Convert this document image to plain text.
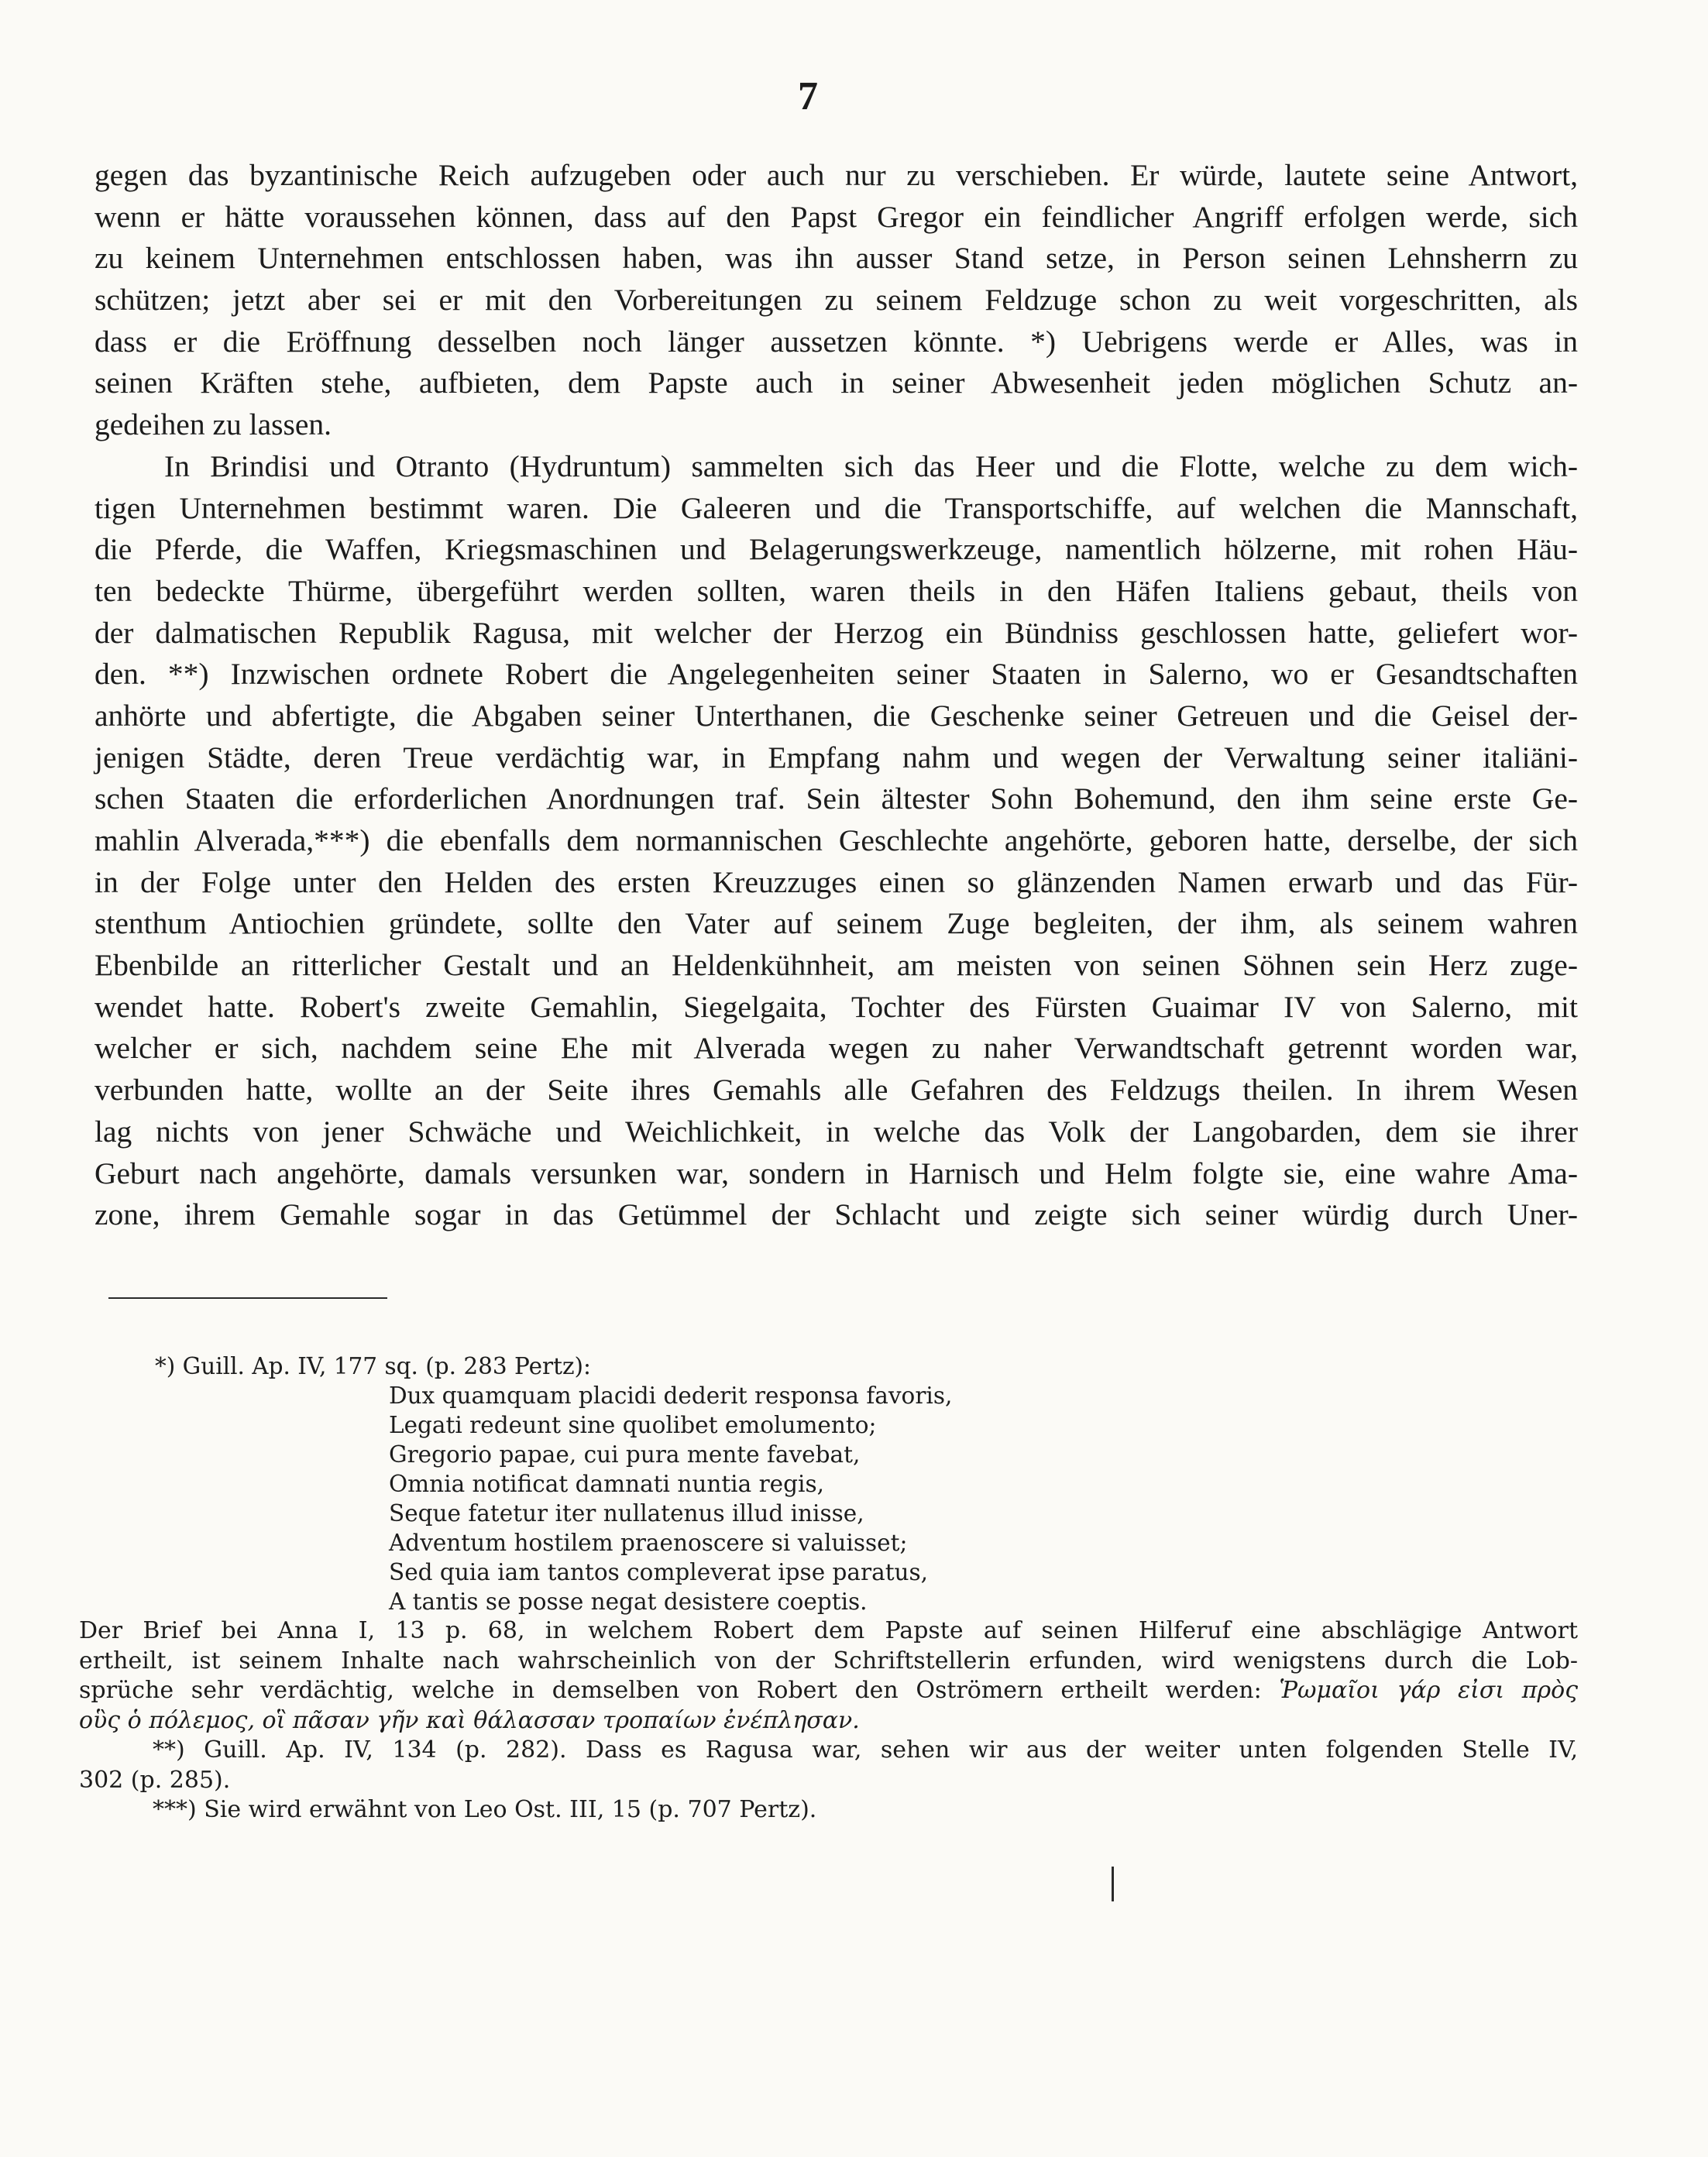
7
gegen das byzantinische Reich aufzugeben oder auch nur zu verschieben. Er würde, lautete seine Antwort,
wenn er hätte voraussehen können, dass auf den Papst Gregor ein feindlicher Angriff erfolgen werde, sich
zu keinem Unternehmen entschlossen haben, was ihn ausser Stand setze, in Person seinen Lehnsherrn zu
schützen; jetzt aber sei er mit den Vorbereitungen zu seinem Feldzuge schon zu weit vorgeschritten, als
dass er die Eröffnung desselben noch länger aussetzen könnte. *) Uebrigens werde er Alles, was in
seinen Kräften stehe, aufbieten, dem Papste auch in seiner Abwesenheit jeden möglichen Schutz an-
gedeihen zu lassen.
In Brindisi und Otranto (Hydruntum) sammelten sich das Heer und die Flotte, welche zu dem wich-
tigen Unternehmen bestimmt waren. Die Galeeren und die Transportschiffe, auf welchen die Mannschaft,
die Pferde, die Waffen, Kriegsmaschinen und Belagerungswerkzeuge, namentlich hölzerne, mit rohen Häu-
ten bedeckte Thürme, übergeführt werden sollten, waren theils in den Häfen Italiens gebaut, theils von
der dalmatischen Republik Ragusa, mit welcher der Herzog ein Bündniss geschlossen hatte, geliefert wor-
den. **) Inzwischen ordnete Robert die Angelegenheiten seiner Staaten in Salerno, wo er Gesandtschaften
anhörte und abfertigte, die Abgaben seiner Unterthanen, die Geschenke seiner Getreuen und die Geisel der-
jenigen Städte, deren Treue verdächtig war, in Empfang nahm und wegen der Verwaltung seiner italiäni-
schen Staaten die erforderlichen Anordnungen traf. Sein ältester Sohn Bohemund, den ihm seine erste Ge-
mahlin Alverada,***) die ebenfalls dem normannischen Geschlechte angehörte, geboren hatte, derselbe, der sich
in der Folge unter den Helden des ersten Kreuzzuges einen so glänzenden Namen erwarb und das Für-
stenthum Antiochien gründete, sollte den Vater auf seinem Zuge begleiten, der ihm, als seinem wahren
Ebenbilde an ritterlicher Gestalt und an Heldenkühnheit, am meisten von seinen Söhnen sein Herz zuge-
wendet hatte. Robert's zweite Gemahlin, Siegelgaita, Tochter des Fürsten Guaimar IV von Salerno, mit
welcher er sich, nachdem seine Ehe mit Alverada wegen zu naher Verwandtschaft getrennt worden war,
verbunden hatte, wollte an der Seite ihres Gemahls alle Gefahren des Feldzugs theilen. In ihrem Wesen
lag nichts von jener Schwäche und Weichlichkeit, in welche das Volk der Langobarden, dem sie ihrer
Geburt nach angehörte, damals versunken war, sondern in Harnisch und Helm folgte sie, eine wahre Ama-
zone, ihrem Gemahle sogar in das Getümmel der Schlacht und zeigte sich seiner würdig durch Uner-
*) Guill. Ap. IV, 177 sq. (p. 283 Pertz):
Dux quamquam placidi dederit responsa favoris,
Legati redeunt sine quolibet emolumento;
Gregorio papae, cui pura mente favebat,
Omnia notificat damnati nuntia regis,
Seque fatetur iter nullatenus illud inisse,
Adventum hostilem praenoscere si valuisset;
Sed quia iam tantos compleverat ipse paratus,
A tantis se posse negat desistere coeptis.
Der Brief bei Anna I, 13 p. 68, in welchem Robert dem Papste auf seinen Hilferuf eine abschlägige Antwort
ertheilt, ist seinem Inhalte nach wahrscheinlich von der Schriftstellerin erfunden, wird wenigstens durch die Lob-
sprüche sehr verdächtig, welche in demselben von Robert den Oströmern ertheilt werden: Ῥωμαῖοι γάρ εἰσι πρὸς
οὓς ὁ πόλεμος, οἳ πᾶσαν γῆν καὶ θάλασσαν τροπαίων ἐνέπλησαν.
**) Guill. Ap. IV, 134 (p. 282). Dass es Ragusa war, sehen wir aus der weiter unten folgenden Stelle IV,
302 (p. 285).
***) Sie wird erwähnt von Leo Ost. III, 15 (p. 707 Pertz).
